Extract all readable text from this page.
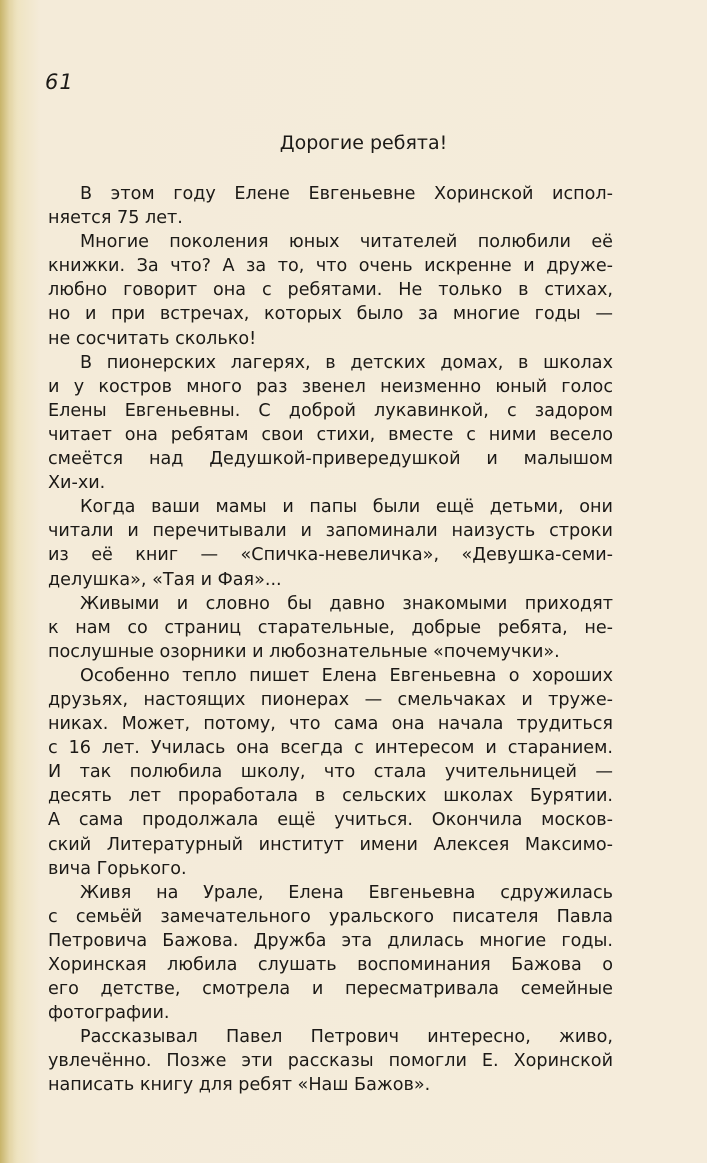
61
Дорогие ребята!
В этом году Елене Евгеньевне Хоринской испол-
няется 75 лет.
Многие поколения юных читателей полюбили её
книжки. За что? А за то, что очень искренне и друже-
любно говорит она с ребятами. Не только в стихах,
но и при встречах, которых было за многие годы —
не сосчитать сколько!
В пионерских лагерях, в детских домах, в школах
и у костров много раз звенел неизменно юный голос
Елены Евгеньевны. С доброй лукавинкой, с задором
читает она ребятам свои стихи, вместе с ними весело
смеётся над Дедушкой-привередушкой и малышом
Хи-хи.
Когда ваши мамы и папы были ещё детьми, они
читали и перечитывали и запоминали наизусть строки
из её книг — «Спичка-невеличка», «Девушка-семи-
делушка», «Тая и Фая»...
Живыми и словно бы давно знакомыми приходят
к нам со страниц старательные, добрые ребята, не-
послушные озорники и любознательные «почемучки».
Особенно тепло пишет Елена Евгеньевна о хороших
друзьях, настоящих пионерах — смельчаках и труже-
никах. Может, потому, что сама она начала трудиться
с 16 лет. Училась она всегда с интересом и старанием.
И так полюбила школу, что стала учительницей —
десять лет проработала в сельских школах Бурятии.
А сама продолжала ещё учиться. Окончила москов-
ский Литературный институт имени Алексея Максимо-
вича Горького.
Живя на Урале, Елена Евгеньевна сдружилась
с семьёй замечательного уральского писателя Павла
Петровича Бажова. Дружба эта длилась многие годы.
Хоринская любила слушать воспоминания Бажова о
его детстве, смотрела и пересматривала семейные
фотографии.
Рассказывал Павел Петрович интересно, живо,
увлечённо. Позже эти рассказы помогли Е. Хоринской
написать книгу для ребят «Наш Бажов».
